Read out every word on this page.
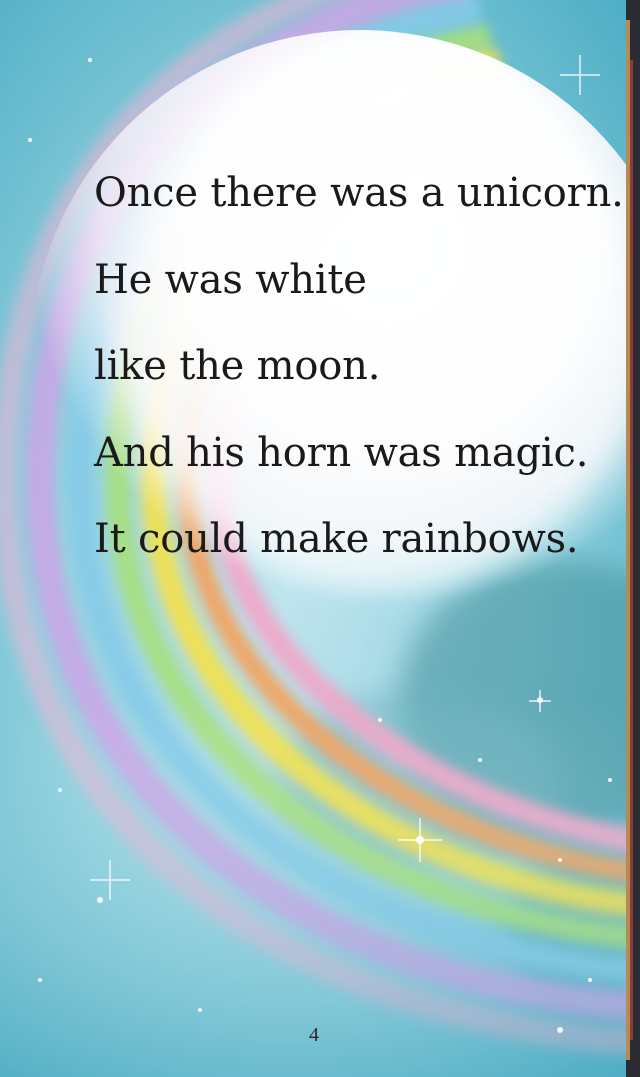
Once there was a unicorn.
He was white
like the moon.
And his horn was magic.
It could make rainbows.
4
